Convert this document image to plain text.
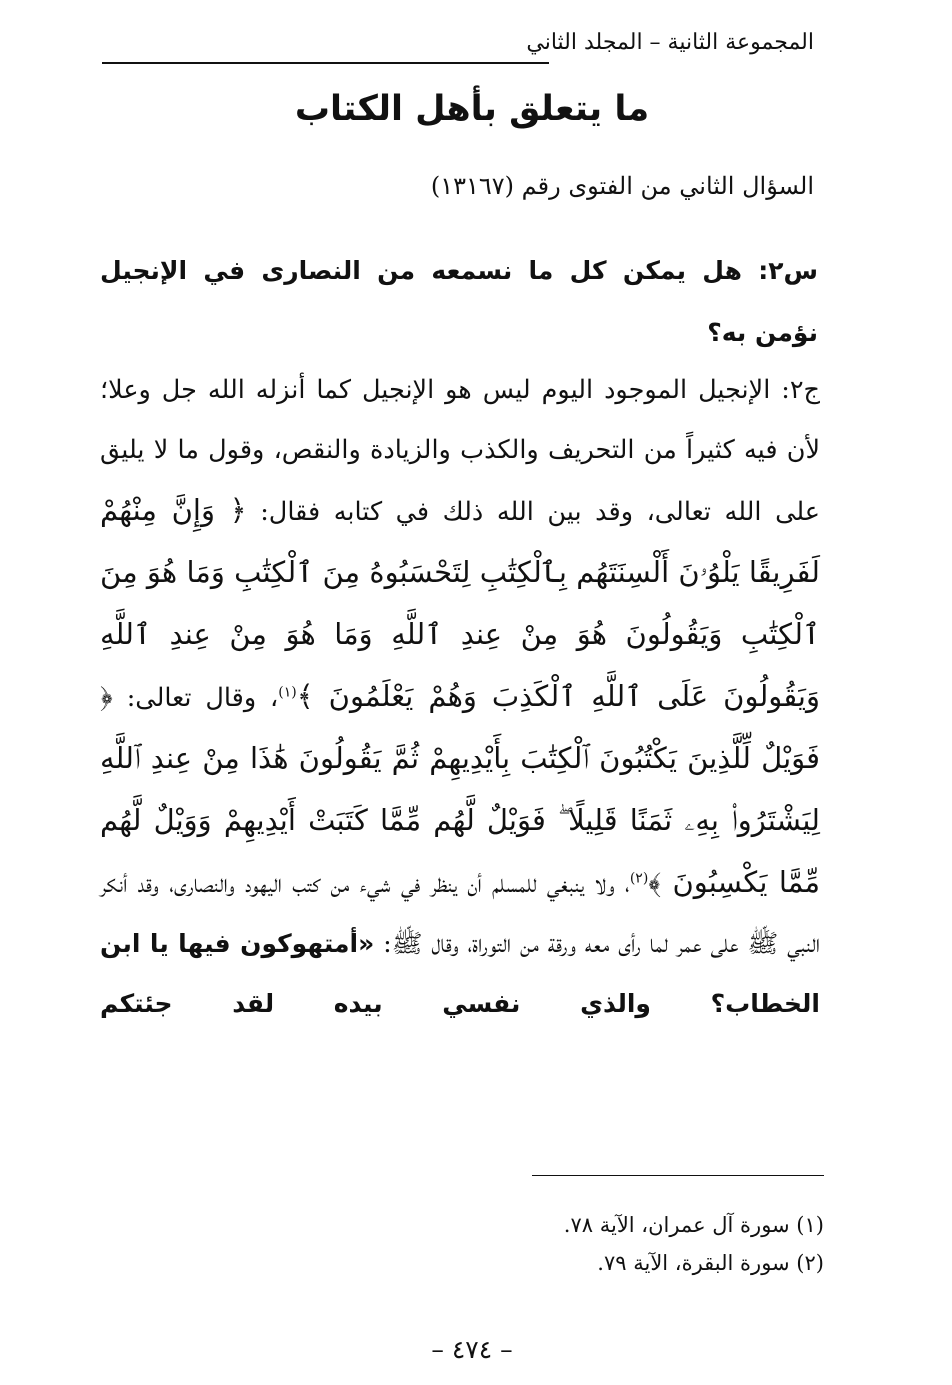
المجموعة الثانية – المجلد الثاني
ما يتعلق بأهل الكتاب
السؤال الثاني من الفتوى رقم (١٣١٦٧)

س٢: هل يمكن كل ما نسمعه من النصارى في الإنجيل نؤمن به؟

ج٢: الإنجيل الموجود اليوم ليس هو الإنجيل كما أنزله الله جل وعلا؛ لأن فيه كثيراً من التحريف والكذب والزيادة والنقص، وقول ما لا يليق على الله تعالى، وقد بين الله ذلك في كتابه فقال: ﴿ وَإِنَّ مِنْهُمْ لَفَرِيقًا يَلْوُۥنَ أَلْسِنَتَهُم بِٱلْكِتَٰبِ لِتَحْسَبُوهُ مِنَ ٱلْكِتَٰبِ وَمَا هُوَ مِنَ ٱلْكِتَٰبِ وَيَقُولُونَ هُوَ مِنْ عِندِ ٱللَّهِ وَمَا هُوَ مِنْ عِندِ ٱللَّهِ وَيَقُولُونَ عَلَى ٱللَّهِ ٱلْكَذِبَ وَهُمْ يَعْلَمُونَ ﴾$^{(١)}$، وقال تعالى: ﴿ فَوَيْلٌ لِّلَّذِينَ يَكْتُبُونَ ٱلْكِتَٰبَ بِأَيْدِيهِمْ ثُمَّ يَقُولُونَ هَٰذَا مِنْ عِندِ ٱللَّهِ لِيَشْتَرُوا۟ بِهِۦ ثَمَنًا قَلِيلًا ۖ فَوَيْلٌ لَّهُم مِّمَّا كَتَبَتْ أَيْدِيهِمْ وَوَيْلٌ لَّهُم مِّمَّا يَكْسِبُونَ ﴾$^{(٢)}$، ولا ينبغي للمسلم أن ينظر في شيء من كتب اليهود والنصارى، وقد أنكر النبي ﷺ على عمر لما رأى معه ورقة من التوراة، وقال ﷺ: «أمتهوكون فيها يا ابن الخطاب؟ والذي نفسي بيده لقد جئتكم

(١) سورة آل عمران، الآية ٧٨.
(٢) سورة البقرة، الآية ٧٩.
– ٤٧٤ –
